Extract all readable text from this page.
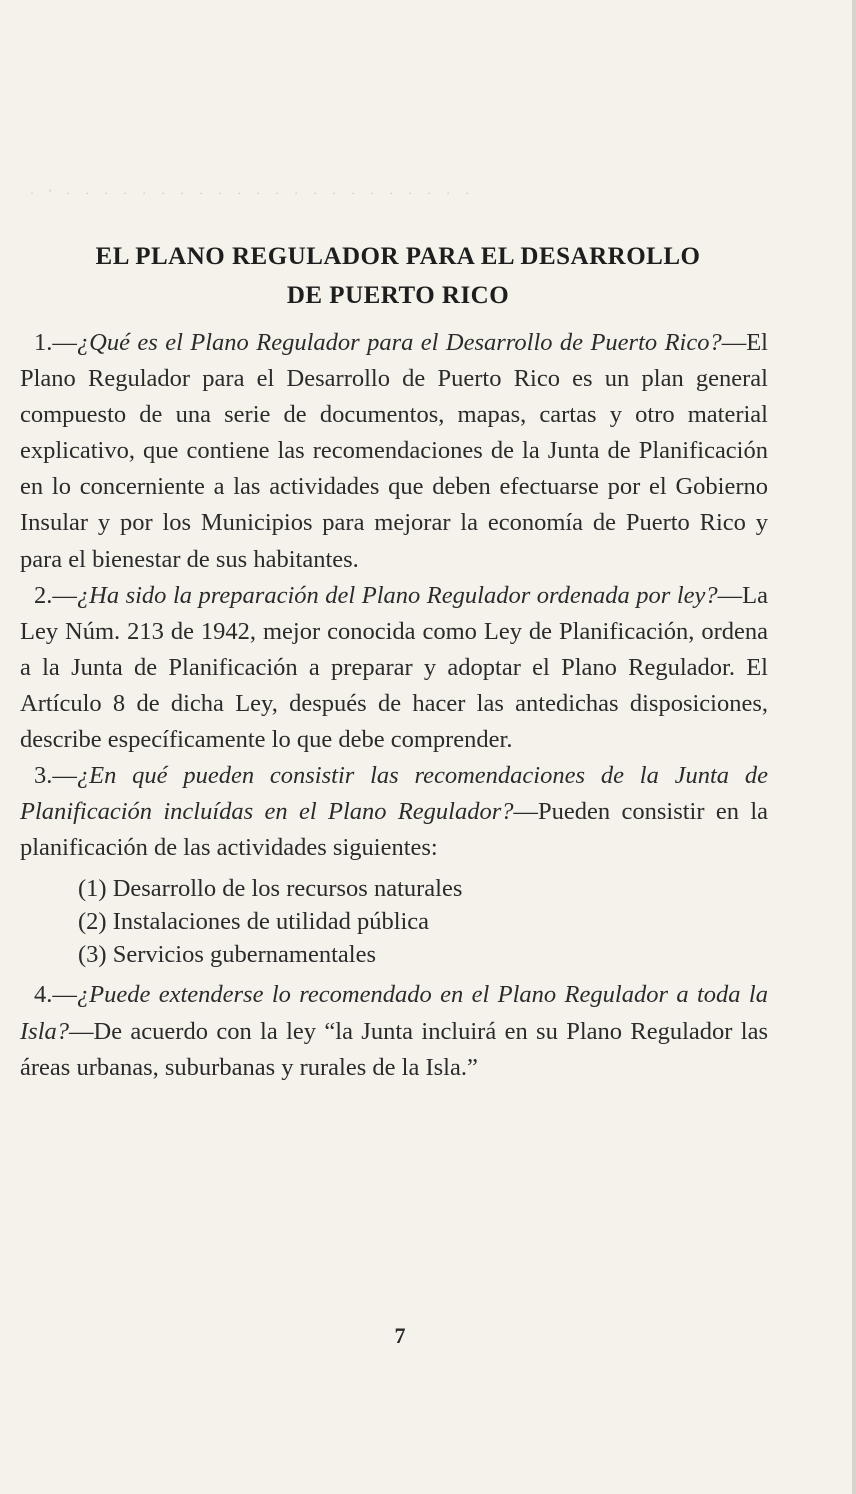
· ' · · · · · · · · · · · · · · · · · · · · · ·
EL PLANO REGULADOR PARA EL DESARROLLO
DE PUERTO RICO

1.—¿Qué es el Plano Regulador para el Desarrollo de Puerto Rico?—El Plano Regulador para el Desarrollo de Puerto Rico es un plan general compuesto de una serie de documentos, mapas, cartas y otro material explicativo, que contiene las recomendaciones de la Junta de Planificación en lo concerniente a las actividades que deben efectuarse por el Gobierno Insular y por los Municipios para mejorar la economía de Puerto Rico y para el bienestar de sus habitantes.

2.—¿Ha sido la preparación del Plano Regulador ordenada por ley?—La Ley Núm. 213 de 1942, mejor conocida como Ley de Planificación, ordena a la Junta de Planificación a preparar y adoptar el Plano Regulador. El Artículo 8 de dicha Ley, después de hacer las antedichas disposiciones, describe específicamente lo que debe comprender.

3.—¿En qué pueden consistir las recomendaciones de la Junta de Planificación incluídas en el Plano Regulador?—Pueden consistir en la planificación de las actividades siguientes:

(1) Desarrollo de los recursos naturales
(2) Instalaciones de utilidad pública
(3) Servicios gubernamentales

4.—¿Puede extenderse lo recomendado en el Plano Regulador a toda la Isla?—De acuerdo con la ley “la Junta incluirá en su Plano Regulador las áreas urbanas, suburbanas y rurales de la Isla.”

7
